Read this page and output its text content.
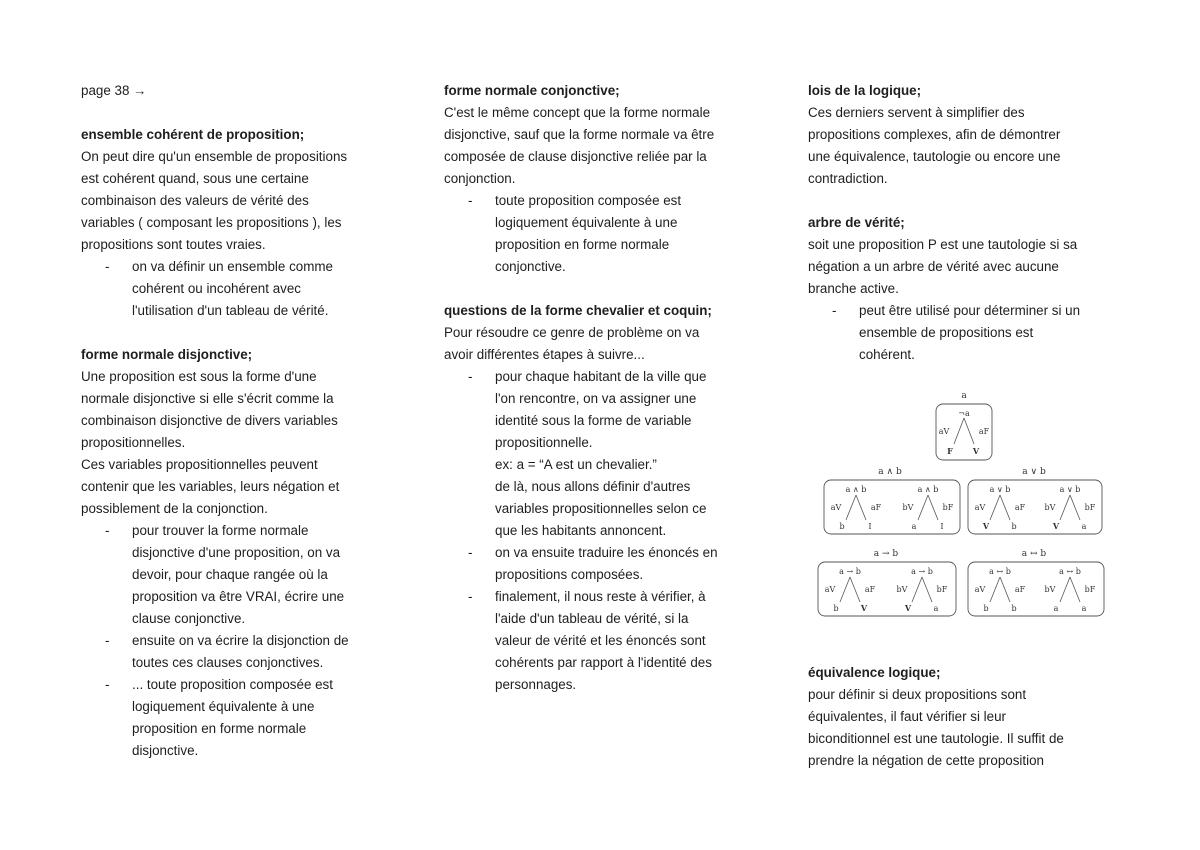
page 38 →

ensemble cohérent de proposition;

On peut dire qu'un ensemble de propositions

est cohérent quand, sous une certaine

combinaison des valeurs de vérité des

variables ( composant les propositions ), les

propositions sont toutes vraies.

- on va définir un ensemble comme

cohérent ou incohérent avec

l'utilisation d'un tableau de vérité.

forme normale disjonctive;

Une proposition est sous la forme d'une

normale disjonctive si elle s'écrit comme la

combinaison disjonctive de divers variables

propositionnelles.

Ces variables propositionnelles peuvent

contenir que les variables, leurs négation et

possiblement de la conjonction.

- pour trouver la forme normale

disjonctive d'une proposition, on va

devoir, pour chaque rangée où la

proposition va être VRAI, écrire une

clause conjonctive.

- ensuite on va écrire la disjonction de

toutes ces clauses conjonctives.

- ... toute proposition composée est

logiquement équivalente à une

proposition en forme normale

disjonctive.

forme normale conjonctive;

C'est le même concept que la forme normale

disjonctive, sauf que la forme normale va être

composée de clause disjonctive reliée par la

conjonction.

- toute proposition composée est

logiquement équivalente à une

proposition en forme normale

conjonctive.

questions de la forme chevalier et coquin;

Pour résoudre ce genre de problème on va

avoir différentes étapes à suivre...

- pour chaque habitant de la ville que

l'on rencontre, on va assigner une

identité sous la forme de variable

propositionnelle.

ex: a = “A est un chevalier.”

de là, nous allons définir d'autres

variables propositionnelles selon ce

que les habitants annoncent.

- on va ensuite traduire les énoncés en

propositions composées.

- finalement, il nous reste à vérifier, à

l'aide d'un tableau de vérité, si la

valeur de vérité et les énoncés sont

cohérents par rapport à l'identité des

personnages.

lois de la logique;

Ces derniers servent à simplifier des

propositions complexes, afin de démontrer

une équivalence, tautologie ou encore une

contradiction.

arbre de vérité;

soit une proposition P est une tautologie si sa

négation a un arbre de vérité avec aucune

branche active.

- peut être utilisé pour déterminer si un

ensemble de propositions est

cohérent.

a
¬a
aV	aF
F	V
a ∧ b
a ∧ b
aV	aF
b	I
a ∧ b
bV	bF
a	I
a ∨ b
a ∨ b
aV	aF
V	b
a ∨ b
bV	bF
V	a
a → b
a → b
aV	aF
b	V
a → b
bV	bF
V	a
a ↔ b
a ↔ b
aV	aF
b	b
a ↔ b
bV	bF
a	a

équivalence logique;

pour définir si deux propositions sont

équivalentes, il faut vérifier si leur

biconditionnel est une tautologie. Il suffit de

prendre la négation de cette proposition
